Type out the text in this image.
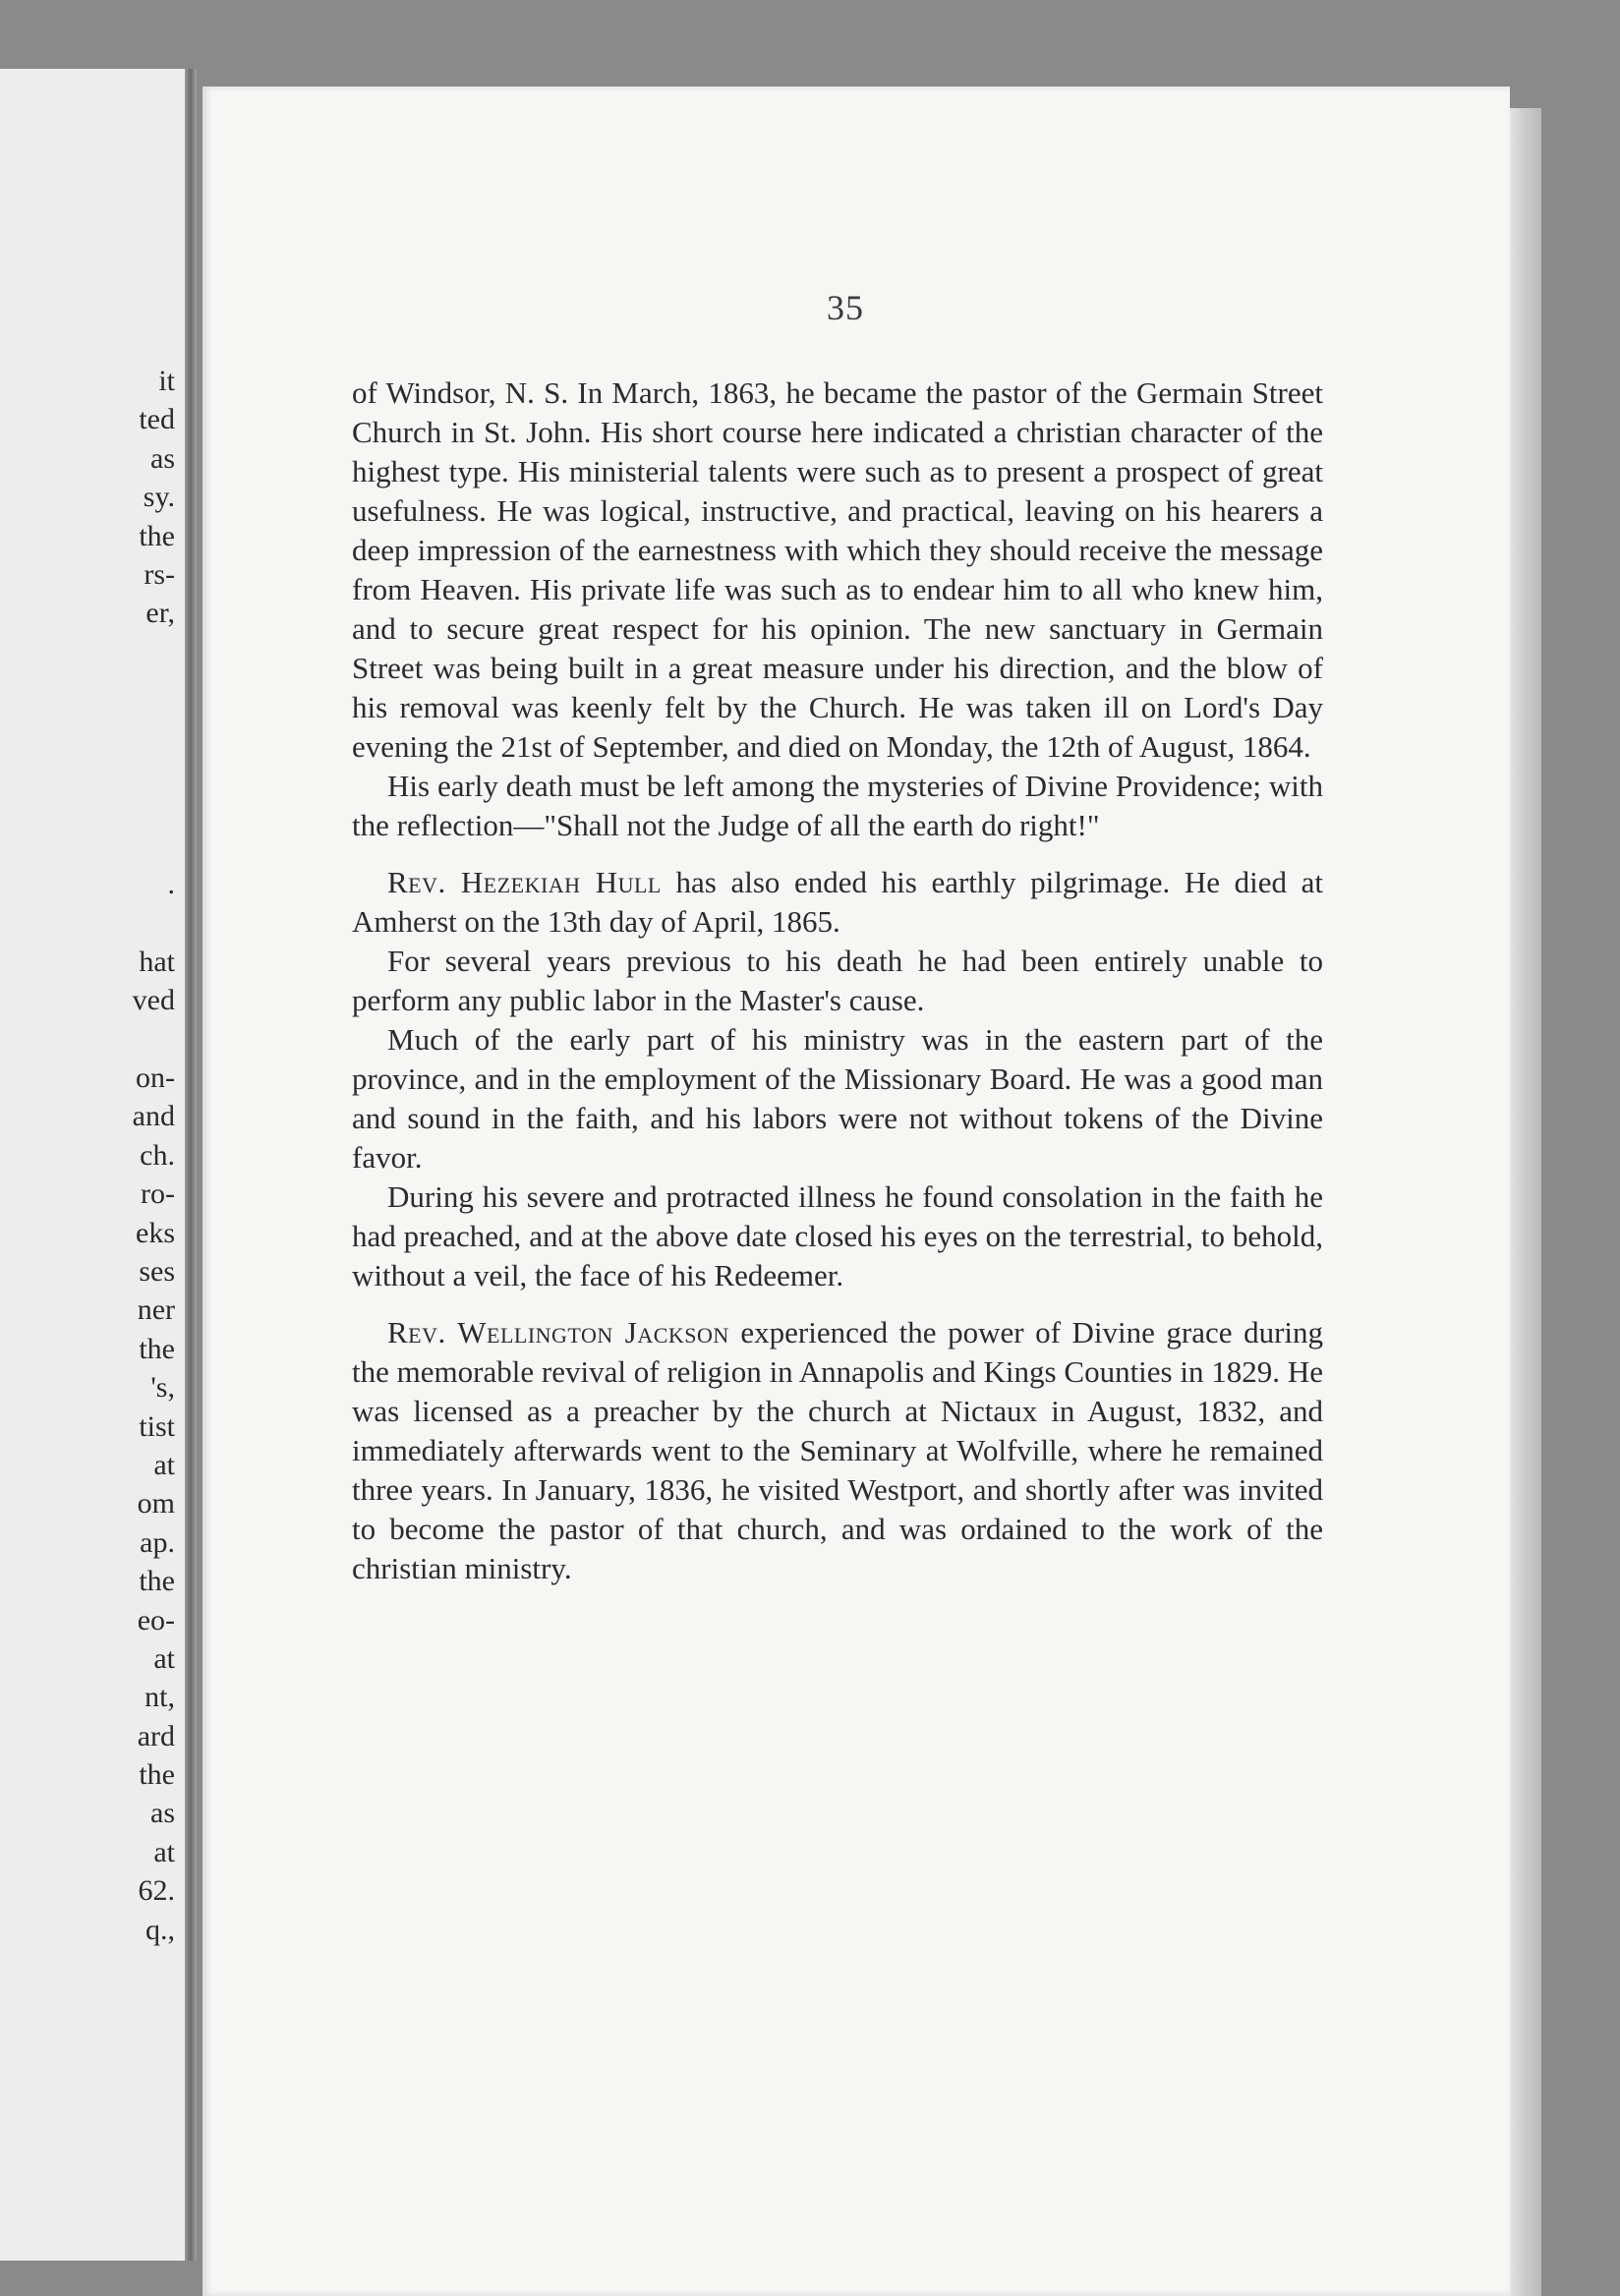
it
ted
as
sy.
the
rs-
er,
.
hat
ved
on-
and
ch.
ro-
eks
ses
ner
the
's,
tist
at
om
ap.
the
eo-
at
nt,
ard
the
as
at
62.
q.,
35

of Windsor, N. S. In March, 1863, he became the pastor of the Germain Street Church in St. John. His short course here indicated a christian character of the highest type. His ministerial talents were such as to present a prospect of great usefulness. He was logical, instructive, and practical, leaving on his hearers a deep impression of the earnestness with which they should receive the message from Heaven. His private life was such as to endear him to all who knew him, and to secure great respect for his opinion. The new sanctuary in Germain Street was being built in a great measure under his direction, and the blow of his removal was keenly felt by the Church. He was taken ill on Lord's Day evening the 21st of September, and died on Monday, the 12th of August, 1864.

His early death must be left among the mysteries of Divine Providence; with the reflection—"Shall not the Judge of all the earth do right!"

Rev. Hezekiah Hull has also ended his earthly pilgrimage. He died at Amherst on the 13th day of April, 1865.

For several years previous to his death he had been entirely unable to perform any public labor in the Master's cause.

Much of the early part of his ministry was in the eastern part of the province, and in the employment of the Missionary Board. He was a good man and sound in the faith, and his labors were not without tokens of the Divine favor.

During his severe and protracted illness he found consolation in the faith he had preached, and at the above date closed his eyes on the terrestrial, to behold, without a veil, the face of his Redeemer.

Rev. Wellington Jackson experienced the power of Divine grace during the memorable revival of religion in Annapolis and Kings Counties in 1829. He was licensed as a preacher by the church at Nictaux in August, 1832, and immediately afterwards went to the Seminary at Wolfville, where he remained three years. In January, 1836, he visited Westport, and shortly after was invited to become the pastor of that church, and was ordained to the work of the christian ministry.
